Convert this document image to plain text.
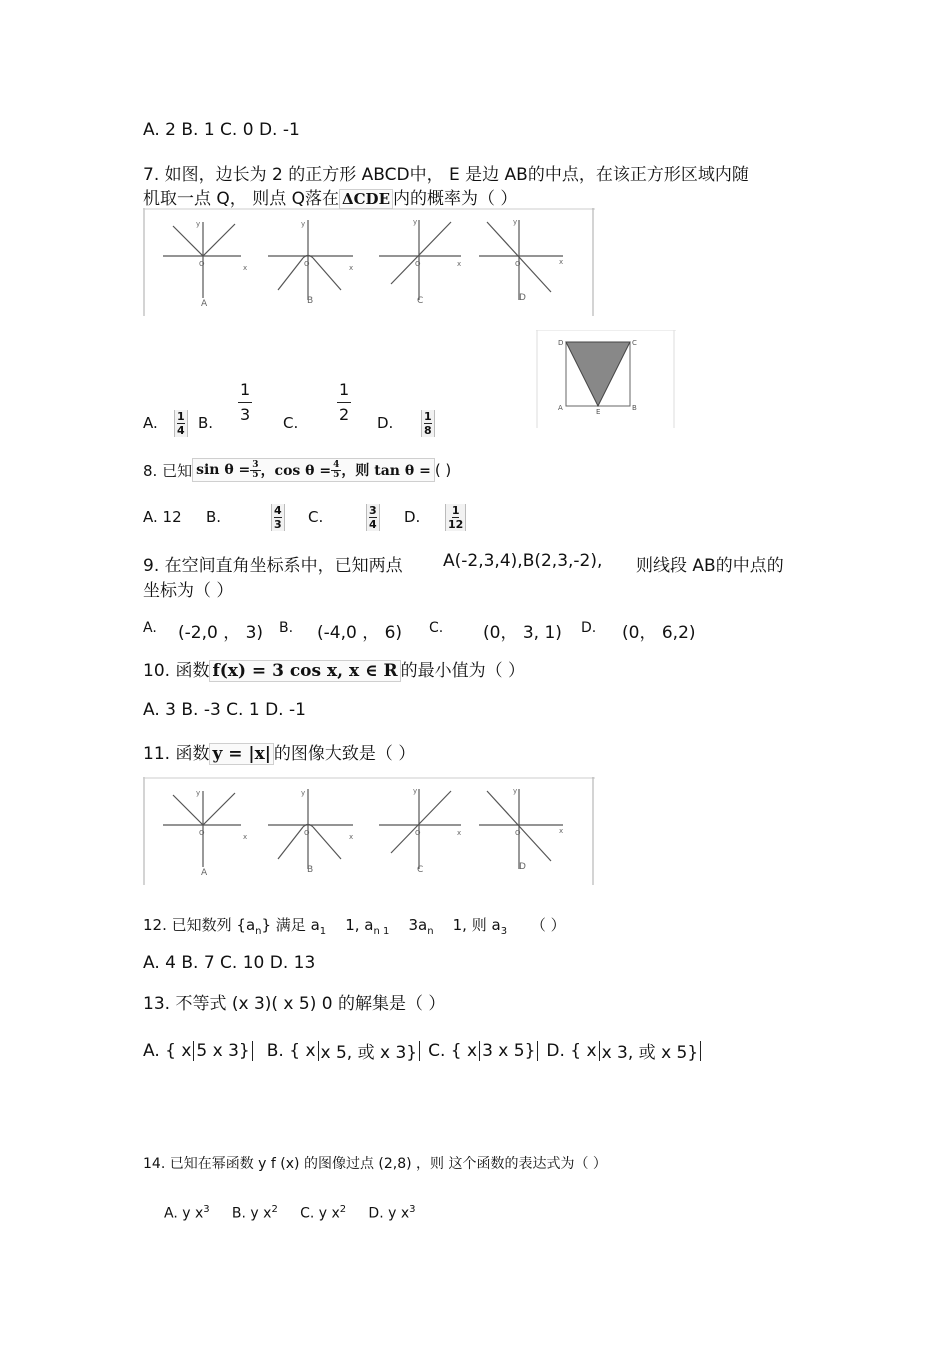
A. 2 B. 1 C. 0 D. -1
7. 如图，边长为 2 的正方形 ABCD中， E 是边 AB的中点，在该正方形区域内随
机取一点 Q， 则点 Q落在 ΔCDE 内的概率为（ ）
y
x
O
y
x
O
y
x
O
y
x
O
A	B	C	D
D	C
A	B
E
A. $\frac{1}{4} B$. $\frac{1}{3} C$. $\frac{1}{2} D$.	$\frac{1}{8}$
8. 已知 $\sin \theta = \frac{3}{5}$ ，$\cos \theta = \frac{4}{5}$ ，则 tan θ = ( )
A. 12 B.	$\frac{4}{3} C$.	$\frac{3}{4} D$. $\frac{1}{12}$
9. 在空间直角坐标系中，已知两点 A(-2,3,4),B(2,3,-2), 则线段 AB的中点的
坐标为（ ）
A. (-2,0 ， 3) B. (-4,0 ， 6) C. (0， 3, 1) D. (0， 6,2)
10. 函数 f(x) = 3 cos x, x ∈ R 的最小值为（ ）
A. 3 B. -3 C. 1 D. -1
11. 函数 y = |x| 的图像大致是（ ）
y
x
O
y
x
O
y
x
O
y
x
O
A	B	C	D
12. 已知数列 $\{a_n\}$ 满足 $a_1$ 1, $a_{n 1}$ $3a_n$ 1, 则 $a_3$ （ ）
A. 4 B. 7 C. 10 D. 13
13. 不等式 (x 3)( x 5) 0 的解集是（ ）
A. { x 5 x 3} B. { x x 5, 或 x 3} C. { x 3 x 5} D. { x x 3, 或 x 5}
14. 已知在幂函数 y f (x) 的图像过点 (2,8) ，则 这个函数的表达式为（ ）
A. y $x^3$ B. y $x^2$ C. y $x^2$ D. y $x^3$
